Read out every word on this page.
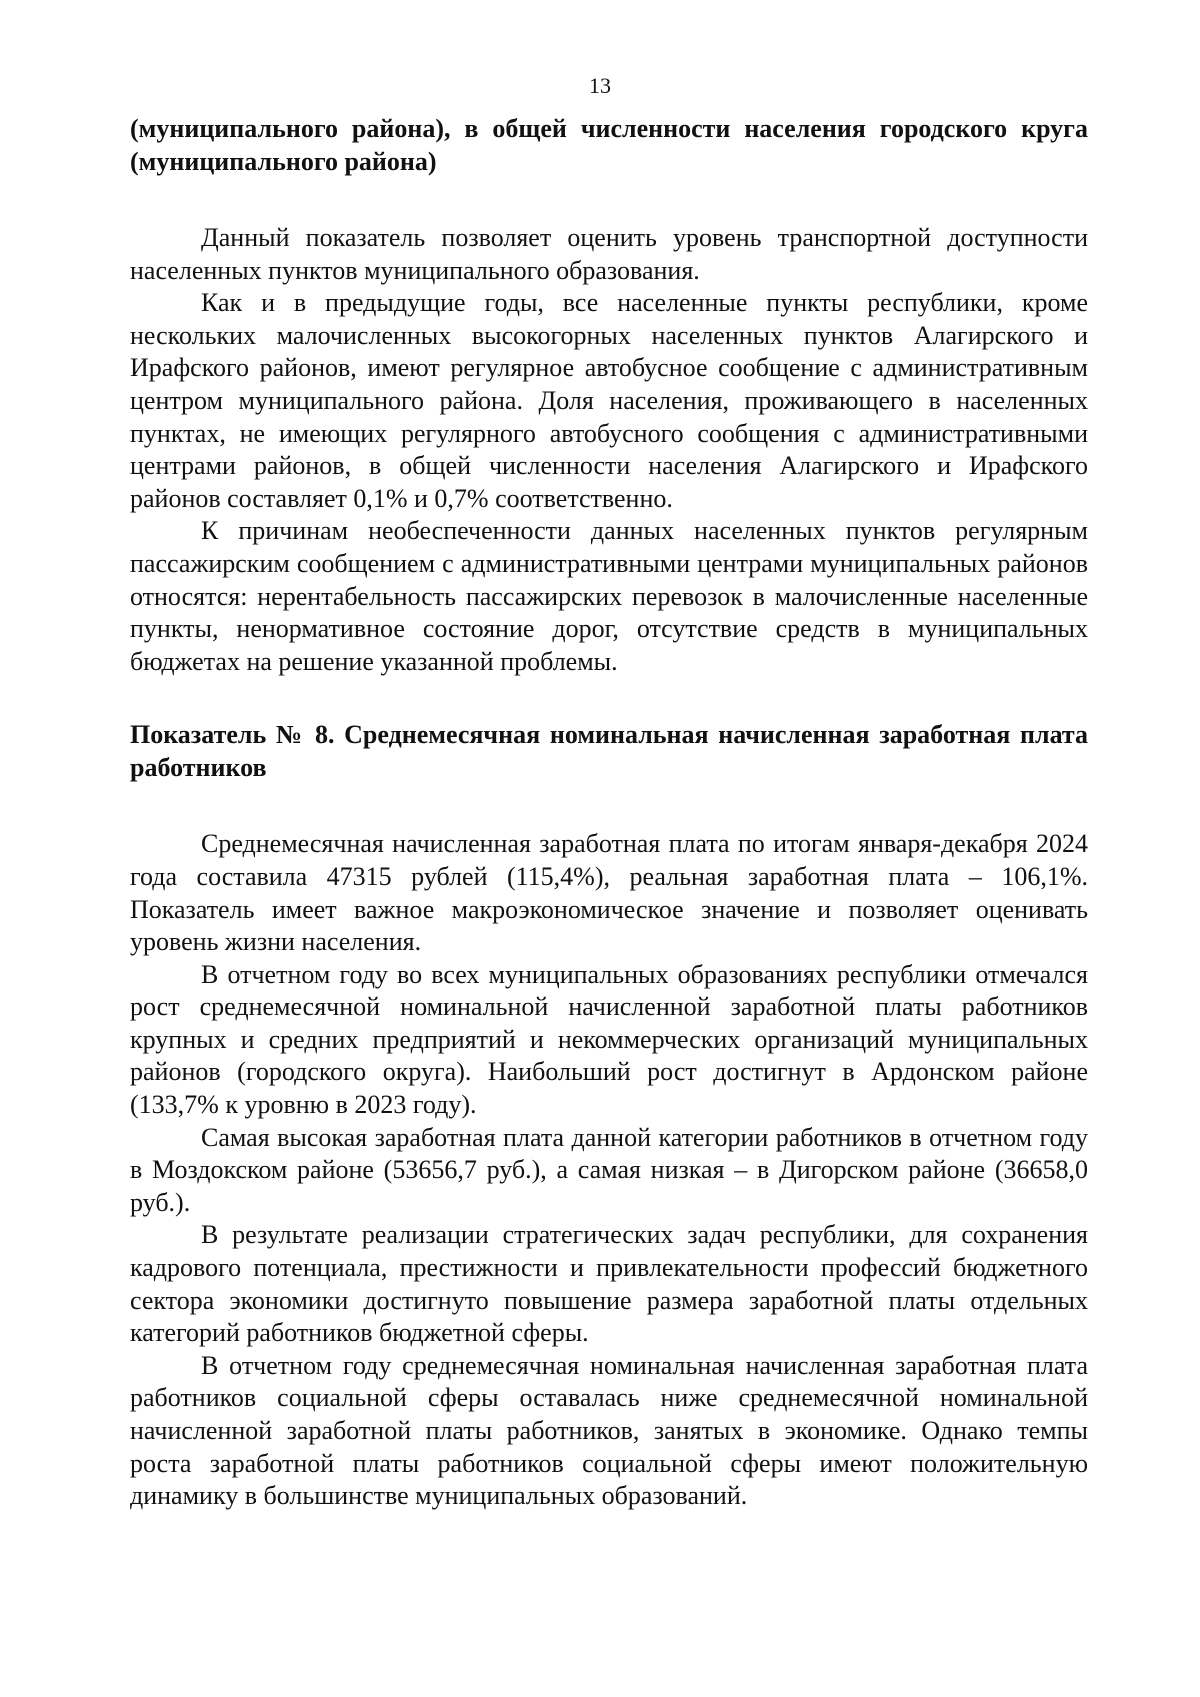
13

(муниципального района), в общей численности населения городского круга (муниципального района)

Данный показатель позволяет оценить уровень транспортной доступности населенных пунктов муниципального образования.

Как и в предыдущие годы, все населенные пункты республики, кроме нескольких малочисленных высокогорных населенных пунктов Алагирского и Ирафского районов, имеют регулярное автобусное сообщение с административным центром муниципального района. Доля населения, проживающего в населенных пунктах, не имеющих регулярного автобусного сообщения с административными центрами районов, в общей численности населения Алагирского и Ирафского районов составляет 0,1% и 0,7% соответственно.

К причинам необеспеченности данных населенных пунктов регулярным пассажирским сообщением с административными центрами муниципальных районов относятся: нерентабельность пассажирских перевозок в малочисленные населенные пункты, ненормативное состояние дорог, отсутствие средств в муниципальных бюджетах на решение указанной проблемы.

Показатель № 8. Среднемесячная номинальная начисленная заработная плата работников

Среднемесячная начисленная заработная плата по итогам января-декабря 2024 года составила 47315 рублей (115,4%), реальная заработная плата – 106,1%. Показатель имеет важное макроэкономическое значение и позволяет оценивать уровень жизни населения.

В отчетном году во всех муниципальных образованиях республики отмечался рост среднемесячной номинальной начисленной заработной платы работников крупных и средних предприятий и некоммерческих организаций муниципальных районов (городского округа). Наибольший рост достигнут в Ардонском районе (133,7% к уровню в 2023 году).

Самая высокая заработная плата данной категории работников в отчетном году в Моздокском районе (53656,7 руб.), а самая низкая – в Дигорском районе (36658,0 руб.).

В результате реализации стратегических задач республики, для сохранения кадрового потенциала, престижности и привлекательности профессий бюджетного сектора экономики достигнуто повышение размера заработной платы отдельных категорий работников бюджетной сферы.

В отчетном году среднемесячная номинальная начисленная заработная плата работников социальной сферы оставалась ниже среднемесячной номинальной начисленной заработной платы работников, занятых в экономике. Однако темпы роста заработной платы работников социальной сферы имеют положительную динамику в большинстве муниципальных образований.
